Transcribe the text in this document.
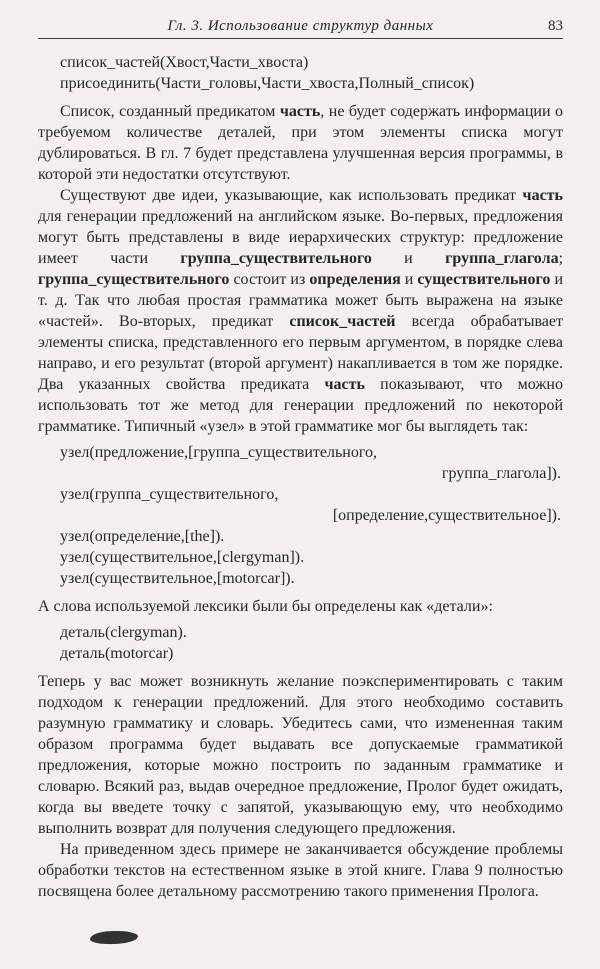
Гл. 3. Использование структур данных	83
список_частей(Хвост,Части_хвоста)
присоединить(Части_головы,Части_хвоста,Полный_список)

Список, созданный предикатом часть, не будет содержать информации о требуемом количестве деталей, при этом элементы списка могут дублироваться. В гл. 7 будет представлена улучшенная версия программы, в которой эти недостатки отсутствуют.

Существуют две идеи, указывающие, как использовать предикат часть для генерации предложений на английском языке. Во-первых, предложения могут быть представлены в виде иерархических структур: предложение имеет части группа_существительного и группа_глагола; группа_существительного состоит из определения и существительного и т. д. Так что любая простая грамматика может быть выражена на языке «частей». Во-вторых, предикат список_частей всегда обрабатывает элементы списка, представленного его первым аргументом, в порядке слева направо, и его результат (второй аргумент) накапливается в том же порядке. Два указанных свойства предиката часть показывают, что можно использовать тот же метод для генерации предложений по некоторой грамматике. Типичный «узел» в этой грамматике мог бы выглядеть так:

узел(предложение,[группа_существительного,
группа_глагола]).
узел(группа_существительного,
[определение,существительное]).
узел(определение,[the]).
узел(существительное,[clergyman]).
узел(существительное,[motorcar]).

А слова используемой лексики были бы определены как «детали»:

деталь(clergyman).
деталь(motorcar)

Теперь у вас может возникнуть желание поэкспериментировать с таким подходом к генерации предложений. Для этого необходимо составить разумную грамматику и словарь. Убедитесь сами, что измененная таким образом программа будет выдавать все допускаемые грамматикой предложения, которые можно построить по заданным грамматике и словарю. Всякий раз, выдав очередное предложение, Пролог будет ожидать, когда вы введете точку с запятой, указывающую ему, что необходимо выполнить возврат для получения следующего предложения.

На приведенном здесь примере не заканчивается обсуждение проблемы обработки текстов на естественном языке в этой книге. Глава 9 полностью посвящена более детальному рассмотрению такого применения Пролога.
